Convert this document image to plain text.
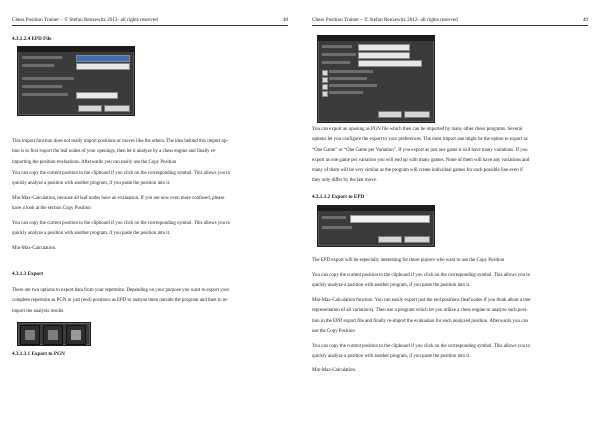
Chess Position Trainer – © Stefan Renzewitz 2012- all rights reserved	48
4.3.1.2.4 EPD File
This import function does not really import positions or moves like the others. The idea behind this import op-
tion is to first export the leaf nodes of your openings, then let it analyze by a chess engine and finally re-
importing the position evaluations. Afterwards you can easily use the Copy Position
You can copy the current position to the clipboard if you click on the corresponding symbol. This allows you to
quickly analyze a position with another program, if you paste the position into it.
Min-Max-Calculation, because all leaf nodes have an evaluation. If you are now even more confused, please
have a look at the section Copy Position
You can copy the current position to the clipboard if you click on the corresponding symbol. This allows you to
quickly analyze a position with another program, if you paste the position into it.
Min-Max-Calculation.
4.3.1.3 Export
There are two options to export data from your repertoire. Depending on your purpose you want to export your
complete repertoire as PGN or just (end) positions as EPD to analyse them outside the program and then to re-
import the analysis results.
4.3.1.3.1 Export to PGN
Chess Position Trainer – © Stefan Renzewitz 2012- all rights reserved	49
You can export an opening as PGN file which then can be imported by many other chess programs. Several
options let you configure the export to your preferences. The most import one might be the option to export as
“One Game” or “One Game per Variation”. If you export as just one game it will have many variations. If you
export as one game per variation you will end up with many games. None of them will have any variations and
many of them will be very similar as the program will create individual games for each possible line even if
they only differ by the last move.
4.3.1.3.2 Export to EPD
The EPD export will be especially interesting for those players who want to use the Copy Position
You can copy the current position to the clipboard if you click on the corresponding symbol. This allows you to
quickly analyze a position with another program, if you paste the position into it.
Min-Max-Calculation function. You can easily export just the end positions (leaf nodes if you think about a tree
representation of all variations). Then use a program which let you utilize a chess engine to analyze such posi-
tion in the EPD export file and finally re-import the evaluation for each analyzed position. Afterwards you can
use the Copy Position
You can copy the current position to the clipboard if you click on the corresponding symbol. This allows you to
quickly analyze a position with another program, if you paste the position into it.
Min-Max-Calculation.
